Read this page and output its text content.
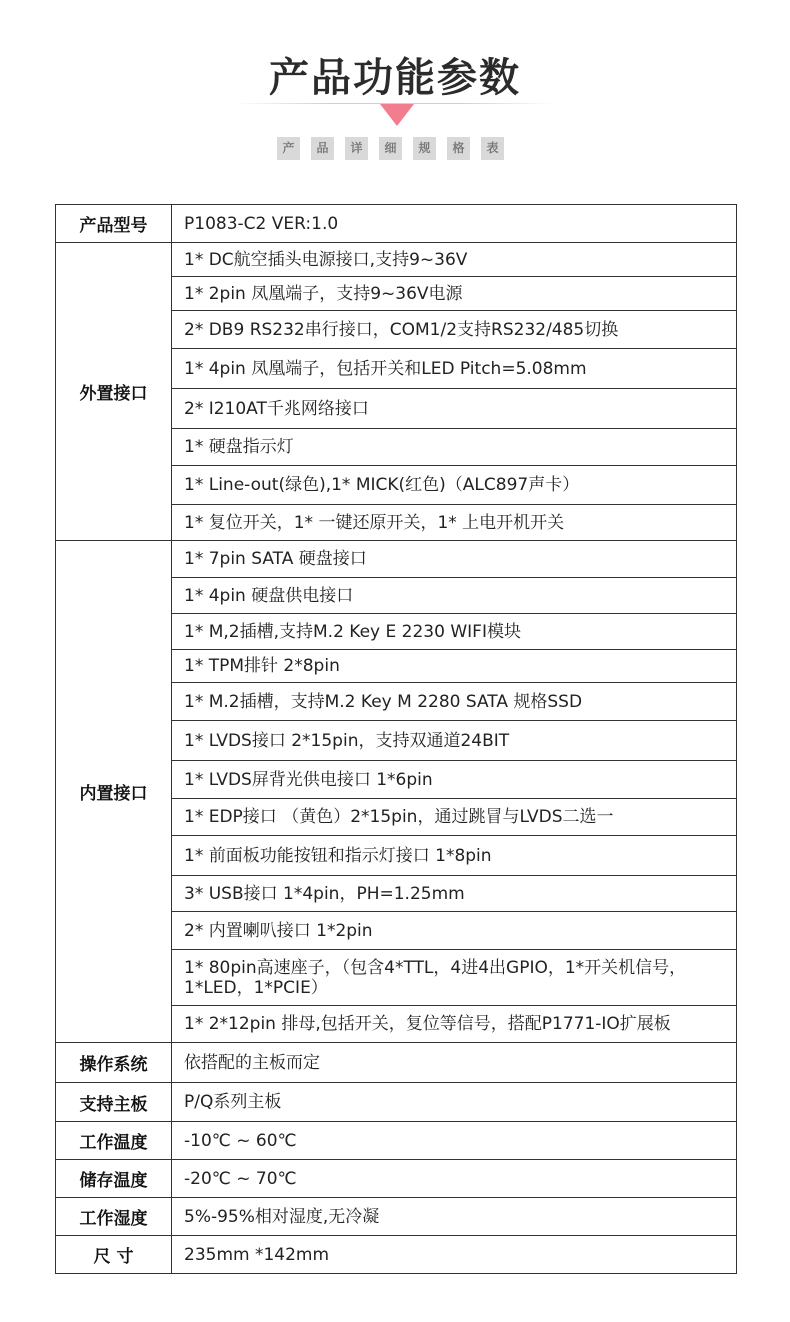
产品功能参数
产	品	详	细	规	格	表
产品型号	P1083-C2 VER:1.0
外置接口	1* DC航空插头电源接口,支持9~36V
	1* 2pin 凤凰端子，支持9~36V电源
	2* DB9 RS232串行接口，COM1/2支持RS232/485切换
	1* 4pin 凤凰端子，包括开关和LED Pitch=5.08mm
	2* I210AT千兆网络接口
	1* 硬盘指示灯
	1* Line-out(绿色),1* MICK(红色)（ALC897声卡）
	1* 复位开关，1* 一键还原开关，1* 上电开机开关
内置接口	1* 7pin SATA 硬盘接口
	1* 4pin 硬盘供电接口
	1* M,2插槽,支持M.2 Key E 2230 WIFI模块
	1* TPM排针 2*8pin
	1* M.2插槽，支持M.2 Key M 2280 SATA 规格SSD
	1* LVDS接口 2*15pin，支持双通道24BIT
	1* LVDS屏背光供电接口 1*6pin
	1* EDP接口 （黄色）2*15pin，通过跳冒与LVDS二选一
	1* 前面板功能按钮和指示灯接口 1*8pin
	3* USB接口 1*4pin，PH=1.25mm
	2* 内置喇叭接口 1*2pin
	1* 80pin高速座子，（包含4*TTL，4进4出GPIO，1*开关机信号，
1*LED，1*PCIE）
	1* 2*12pin 排母,包括开关，复位等信号，搭配P1771-IO扩展板
操作系统	依搭配的主板而定
支持主板	P/Q系列主板
工作温度	-10℃ ~ 60℃
储存温度	-20℃ ~ 70℃
工作湿度	5%-95%相对湿度,无冷凝
尺 寸	235mm *142mm
